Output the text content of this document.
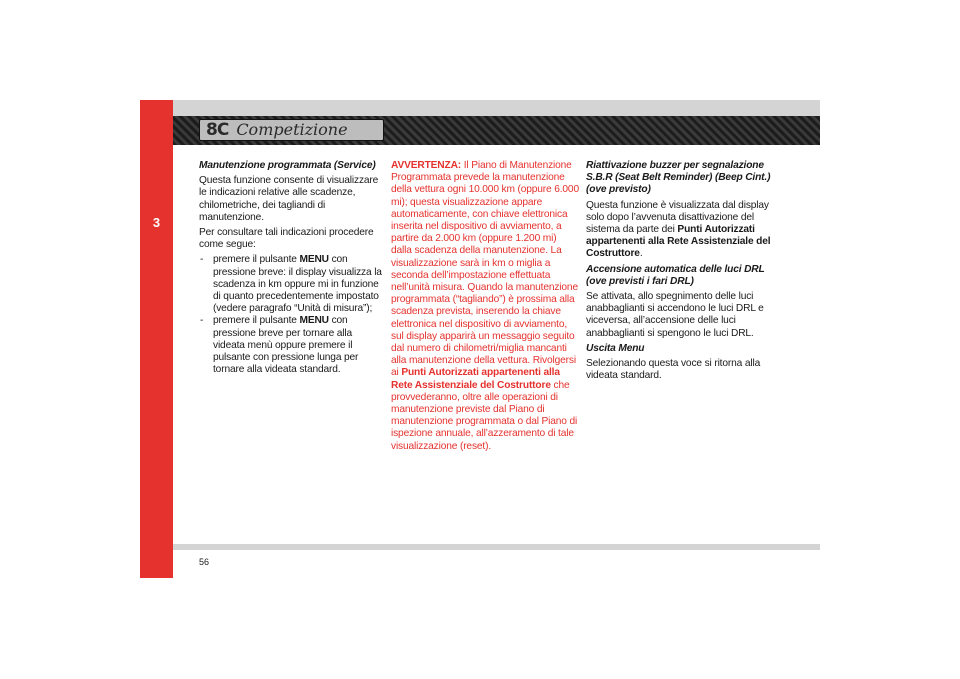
3
8C Competizione

Manutenzione programmata (Service)

Questa funzione consente di visualizzare le indicazioni relative alle scadenze, chilometriche, dei tagliandi di manutenzione.

Per consultare tali indicazioni procedere come segue:

- premere il pulsante MENU con pressione breve: il display visualizza la scadenza in km oppure mi in funzione di quanto precedentemente impostato (vedere paragrafo “Unità di misura”);
- premere il pulsante MENU con pressione breve per tornare alla videata menù oppure premere il pulsante con pressione lunga per tornare alla videata standard.

AVVERTENZA: Il Piano di Manutenzione Programmata prevede la manutenzione della vettura ogni 10.000 km (oppure 6.000 mi); questa visualizzazione appare automaticamente, con chiave elettronica inserita nel dispositivo di avviamento, a partire da 2.000 km (oppure 1.200 mi) dalla scadenza della manutenzione. La visualizzazione sarà in km o miglia a seconda dell’impostazione effettuata nell’unità misura. Quando la manutenzione programmata (“tagliando”) è prossima alla scadenza prevista, inserendo la chiave elettronica nel dispositivo di avviamento, sul display apparirà un messaggio seguito dal numero di chilometri/miglia mancanti alla manutenzione della vettura. Rivolgersi ai Punti Autorizzati appartenenti alla Rete Assistenziale del Costruttore che provvederanno, oltre alle operazioni di manutenzione previste dal Piano di manutenzione programmata o dal Piano di ispezione annuale, all’azzeramento di tale visualizzazione (reset).

Riattivazione buzzer per segnalazione S.B.R (Seat Belt Reminder) (Beep Cint.) (ove previsto)

Questa funzione è visualizzata dal display solo dopo l’avvenuta disattivazione del sistema da parte dei Punti Autorizzati appartenenti alla Rete Assistenziale del Costruttore.

Accensione automatica delle luci DRL (ove previsti i fari DRL)

Se attivata, allo spegnimento delle luci anabbaglianti si accendono le luci DRL e viceversa, all’accensione delle luci anabbaglianti si spengono le luci DRL.

Uscita Menu

Selezionando questa voce si ritorna alla videata standard.

56
